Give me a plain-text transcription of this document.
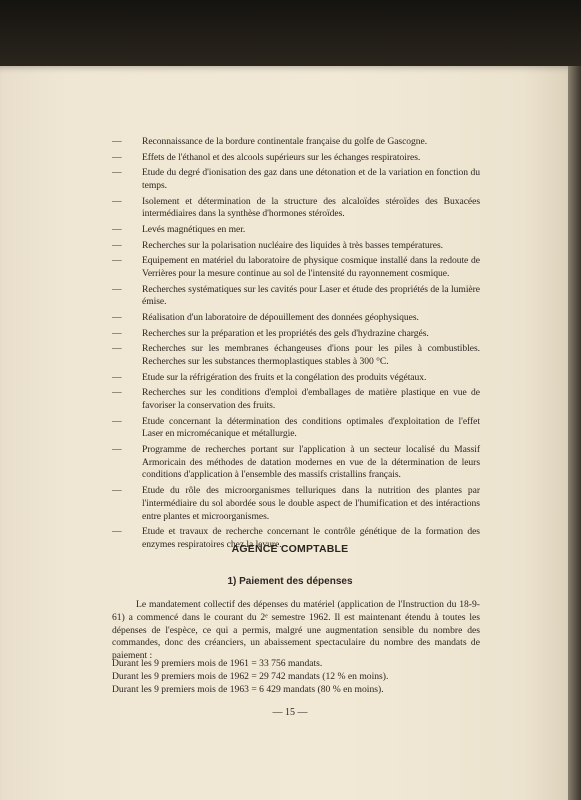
— Reconnaissance de la bordure continentale française du golfe de Gascogne.
— Effets de l'éthanol et des alcools supérieurs sur les échanges respiratoires.
— Etude du degré d'ionisation des gaz dans une détonation et de la variation en fonction du temps.
— Isolement et détermination de la structure des alcaloïdes stéroïdes des Buxacées intermédiaires dans la synthèse d'hormones stéroïdes.
— Levés magnétiques en mer.
— Recherches sur la polarisation nucléaire des liquides à très basses températures.
— Equipement en matériel du laboratoire de physique cosmique installé dans la redoute de Verrières pour la mesure continue au sol de l'intensité du rayonnement cosmique.
— Recherches systématiques sur les cavités pour Laser et étude des propriétés de la lumière émise.
— Réalisation d'un laboratoire de dépouillement des données géophysiques.
— Recherches sur la préparation et les propriétés des gels d'hydrazine chargés.
— Recherches sur les membranes échangeuses d'ions pour les piles à combustibles. Recherches sur les substances thermoplastiques stables à 300 °C.
— Etude sur la réfrigération des fruits et la congélation des produits végétaux.
— Recherches sur les conditions d'emploi d'emballages de matière plastique en vue de favoriser la conservation des fruits.
— Etude concernant la détermination des conditions optimales d'exploitation de l'effet Laser en micromécanique et métallurgie.
— Programme de recherches portant sur l'application à un secteur localisé du Massif Armoricain des méthodes de datation modernes en vue de la détermination de leurs conditions d'application à l'ensemble des massifs cristallins français.
— Etude du rôle des microorganismes telluriques dans la nutrition des plantes par l'intermédiaire du sol abordée sous le double aspect de l'humification et des intéractions entre plantes et microorganismes.
— Etude et travaux de recherche concernant le contrôle génétique de la formation des enzymes respiratoires chez la levure.
AGENCE COMPTABLE
1) Paiement des dépenses

Le mandatement collectif des dépenses du matériel (application de l'Instruction du 18-9-61) a commencé dans le courant du 2ᵉ semestre 1962. Il est maintenant étendu à toutes les dépenses de l'espèce, ce qui a permis, malgré une augmentation sensible du nombre des commandes, donc des créanciers, un abaissement spectaculaire du nombre des mandats de paiement :

Durant les 9 premiers mois de 1961 = 33 756 mandats.
Durant les 9 premiers mois de 1962 = 29 742 mandats (12 % en moins).
Durant les 9 premiers mois de 1963 = 6 429 mandats (80 % en moins).
— 15 —
